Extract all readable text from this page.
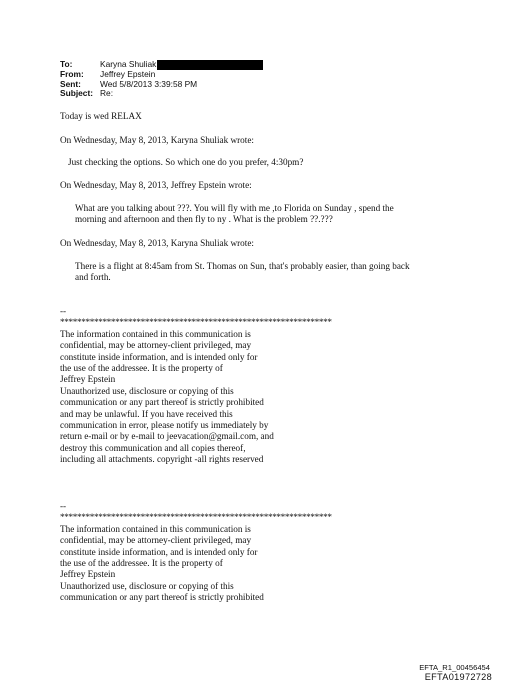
To:	Karyna Shuliak
From:	Jeffrey Epstein
Sent:	Wed 5/8/2013 3:39:58 PM
Subject: Re:
Today is wed RELAX
On Wednesday, May 8, 2013, Karyna Shuliak wrote:
Just checking the options. So which one do you prefer, 4:30pm?
On Wednesday, May 8, 2013, Jeffrey Epstein wrote:
What are you talking about ???. You will fly with me ,to Florida on Sunday , spend the
morning and afternoon and then fly to ny . What is the problem ??.???
On Wednesday, May 8, 2013, Karyna Shuliak wrote:
There is a flight at 8:45am from St. Thomas on Sun, that's probably easier, than going back
and forth.
--
****************************************************************
The information contained in this communication is
confidential, may be attorney-client privileged, may
constitute inside information, and is intended only for
the use of the addressee. It is the property of
Jeffrey Epstein
Unauthorized use, disclosure or copying of this
communication or any part thereof is strictly prohibited
and may be unlawful. If you have received this
communication in error, please notify us immediately by
return e-mail or by e-mail to jeevacation@gmail.com, and
destroy this communication and all copies thereof,
including all attachments. copyright -all rights reserved
--
****************************************************************
The information contained in this communication is
confidential, may be attorney-client privileged, may
constitute inside information, and is intended only for
the use of the addressee. It is the property of
Jeffrey Epstein
Unauthorized use, disclosure or copying of this
communication or any part thereof is strictly prohibited
EFTA_R1_00456454
EFTA01972728
